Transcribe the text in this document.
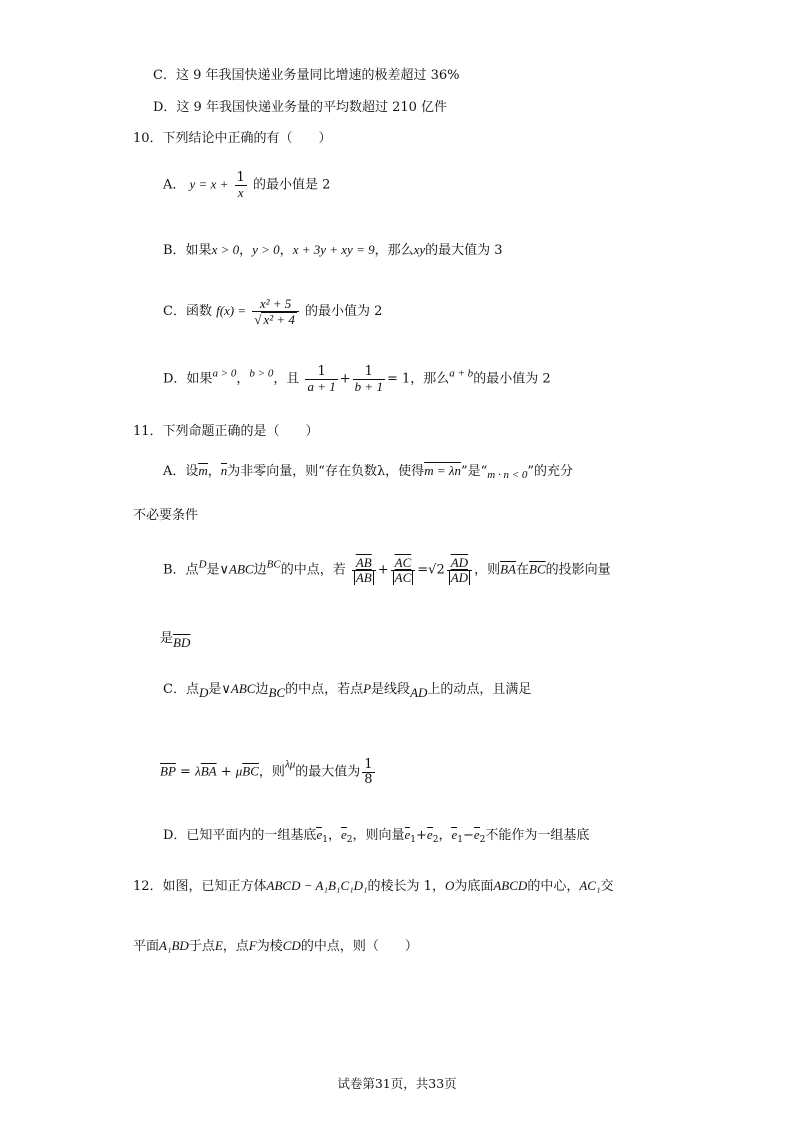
C．这 9 年我国快递业务量同比增速的极差超过 36%
D．这 9 年我国快递业务量的平均数超过 210 亿件
10．下列结论中正确的有（　　）
A． $y = x + \frac{1}{x}$ 的最小值是 2
B．如果x > 0，y > 0，x + 3y + xy = 9，那么xy的最大值为 3
C．函数 $f(x) = \frac{\text{x² + 5}}{\text{√ x² + 4}}$ 的最小值为 2
D．如果$^{a > 0}$，$^{b > 0}$，且 $\frac{1}{a + 1} + \frac{1}{b + 1} = 1$，那么$^{a + b}$的最小值为 2
11．下列命题正确的是（　　）
A．设m，n为非零向量，则“存在负数λ，使得m = λn”是“$_{m \cdot n < 0}$”的充分
不必要条件
B．点$^D$是∨ABC边$^{BC}$的中点，若 $\frac{\overline{AB}}{AB} + \frac{\overline{AC}}{AC} =√2 \frac{\overline{AD}}{AD}$ ，则$\overline{BA}$在$\overline{BC}$的投影向量
是$\overline{BD}$
C．点D是∨ABC边BC的中点，若点P是线段AD上的动点，且满足
$\overline{BP} = \lambda\overline{BA} + \mu\overline{BC}$，则$^{\lambda\mu}$的最大值为 $\frac{1}{8}$
D．已知平面内的一组基底$e_1$，$e_2$，则向量$e_1+e_2$，$e_1-e_2$不能作为一组基底
12．如图，已知正方体ABCD − A₁B₁C₁D₁的棱长为 1，O为底面ABCD的中心，AC₁交
平面A₁BD于点E，点F为棱CD的中点，则（　　）
试卷第31页，共33页
